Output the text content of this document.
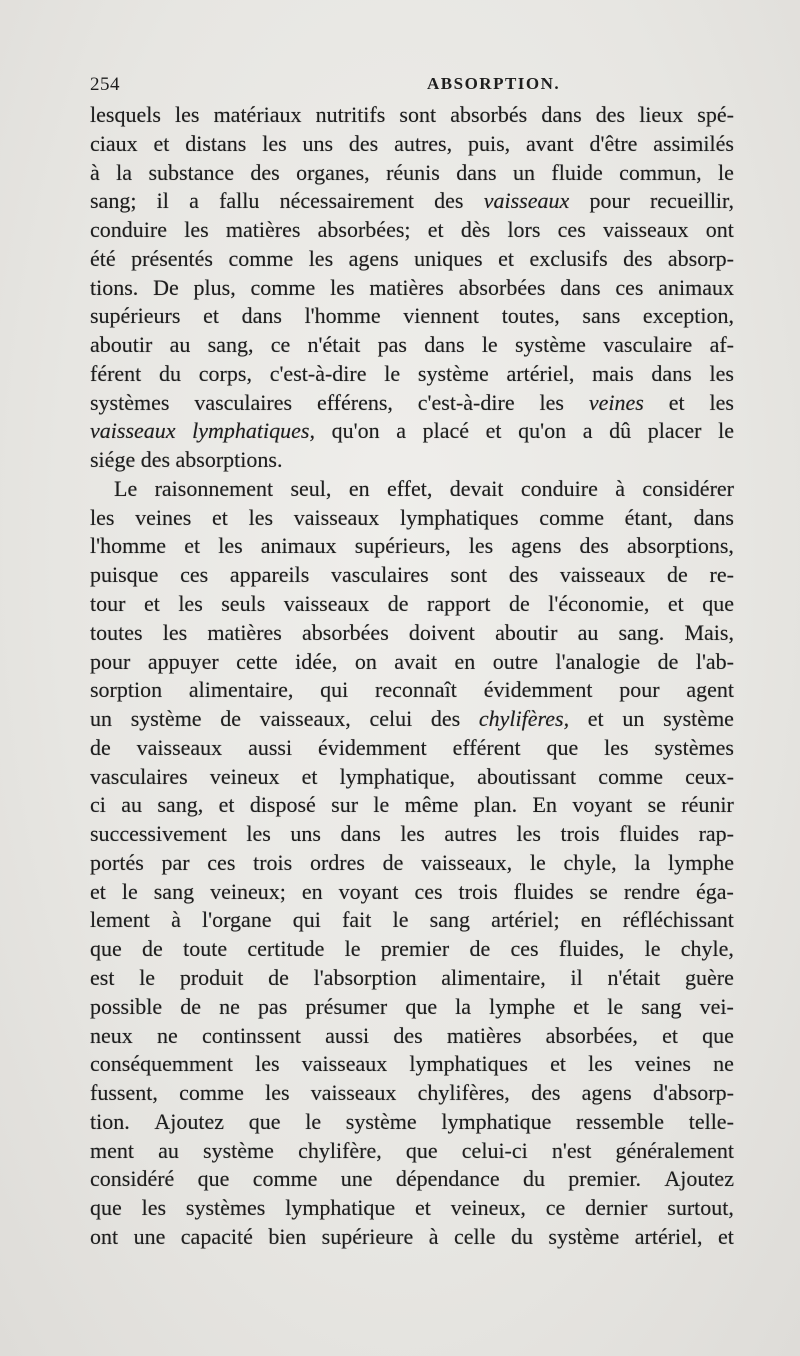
254	ABSORPTION.
lesquels les matériaux nutritifs sont absorbés dans des lieux spé-
ciaux et distans les uns des autres, puis, avant d'être assimilés
à la substance des organes, réunis dans un fluide commun, le
sang; il a fallu nécessairement des vaisseaux pour recueillir,
conduire les matières absorbées; et dès lors ces vaisseaux ont
été présentés comme les agens uniques et exclusifs des absorp-
tions. De plus, comme les matières absorbées dans ces animaux
supérieurs et dans l'homme viennent toutes, sans exception,
aboutir au sang, ce n'était pas dans le système vasculaire af-
férent du corps, c'est-à-dire le système artériel, mais dans les
systèmes vasculaires efférens, c'est-à-dire les veines et les
vaisseaux lymphatiques, qu'on a placé et qu'on a dû placer le
siége
des
absorptions.
Le raisonnement seul, en effet, devait conduire à considérer
les veines et les vaisseaux lymphatiques comme étant, dans
l'homme et les animaux supérieurs, les agens des absorptions,
puisque ces appareils vasculaires sont des vaisseaux de re-
tour et les seuls vaisseaux de rapport de l'économie, et que
toutes les matières absorbées doivent aboutir au sang. Mais,
pour appuyer cette idée, on avait en outre l'analogie de l'ab-
sorption alimentaire, qui reconnaît évidemment pour agent
un système de vaisseaux, celui des chylifères, et un système
de vaisseaux aussi évidemment efférent que les systèmes
vasculaires veineux et lymphatique, aboutissant comme ceux-
ci au sang, et disposé sur le même plan. En voyant se réunir
successivement les uns dans les autres les trois fluides rap-
portés par ces trois ordres de vaisseaux, le chyle, la lymphe
et le sang veineux; en voyant ces trois fluides se rendre éga-
lement à l'organe qui fait le sang artériel; en réfléchissant
que de toute certitude le premier de ces fluides, le chyle,
est le produit de l'absorption alimentaire, il n'était guère
possible de ne pas présumer que la lymphe et le sang vei-
neux ne continssent aussi des matières absorbées, et que
conséquemment les vaisseaux lymphatiques et les veines ne
fussent, comme les vaisseaux chylifères, des agens d'absorp-
tion. Ajoutez que le système lymphatique ressemble telle-
ment au système chylifère, que celui-ci n'est généralement
considéré que comme une dépendance du premier. Ajoutez
que les systèmes lymphatique et veineux, ce dernier surtout,
ont une capacité bien supérieure à celle du système artériel, et
